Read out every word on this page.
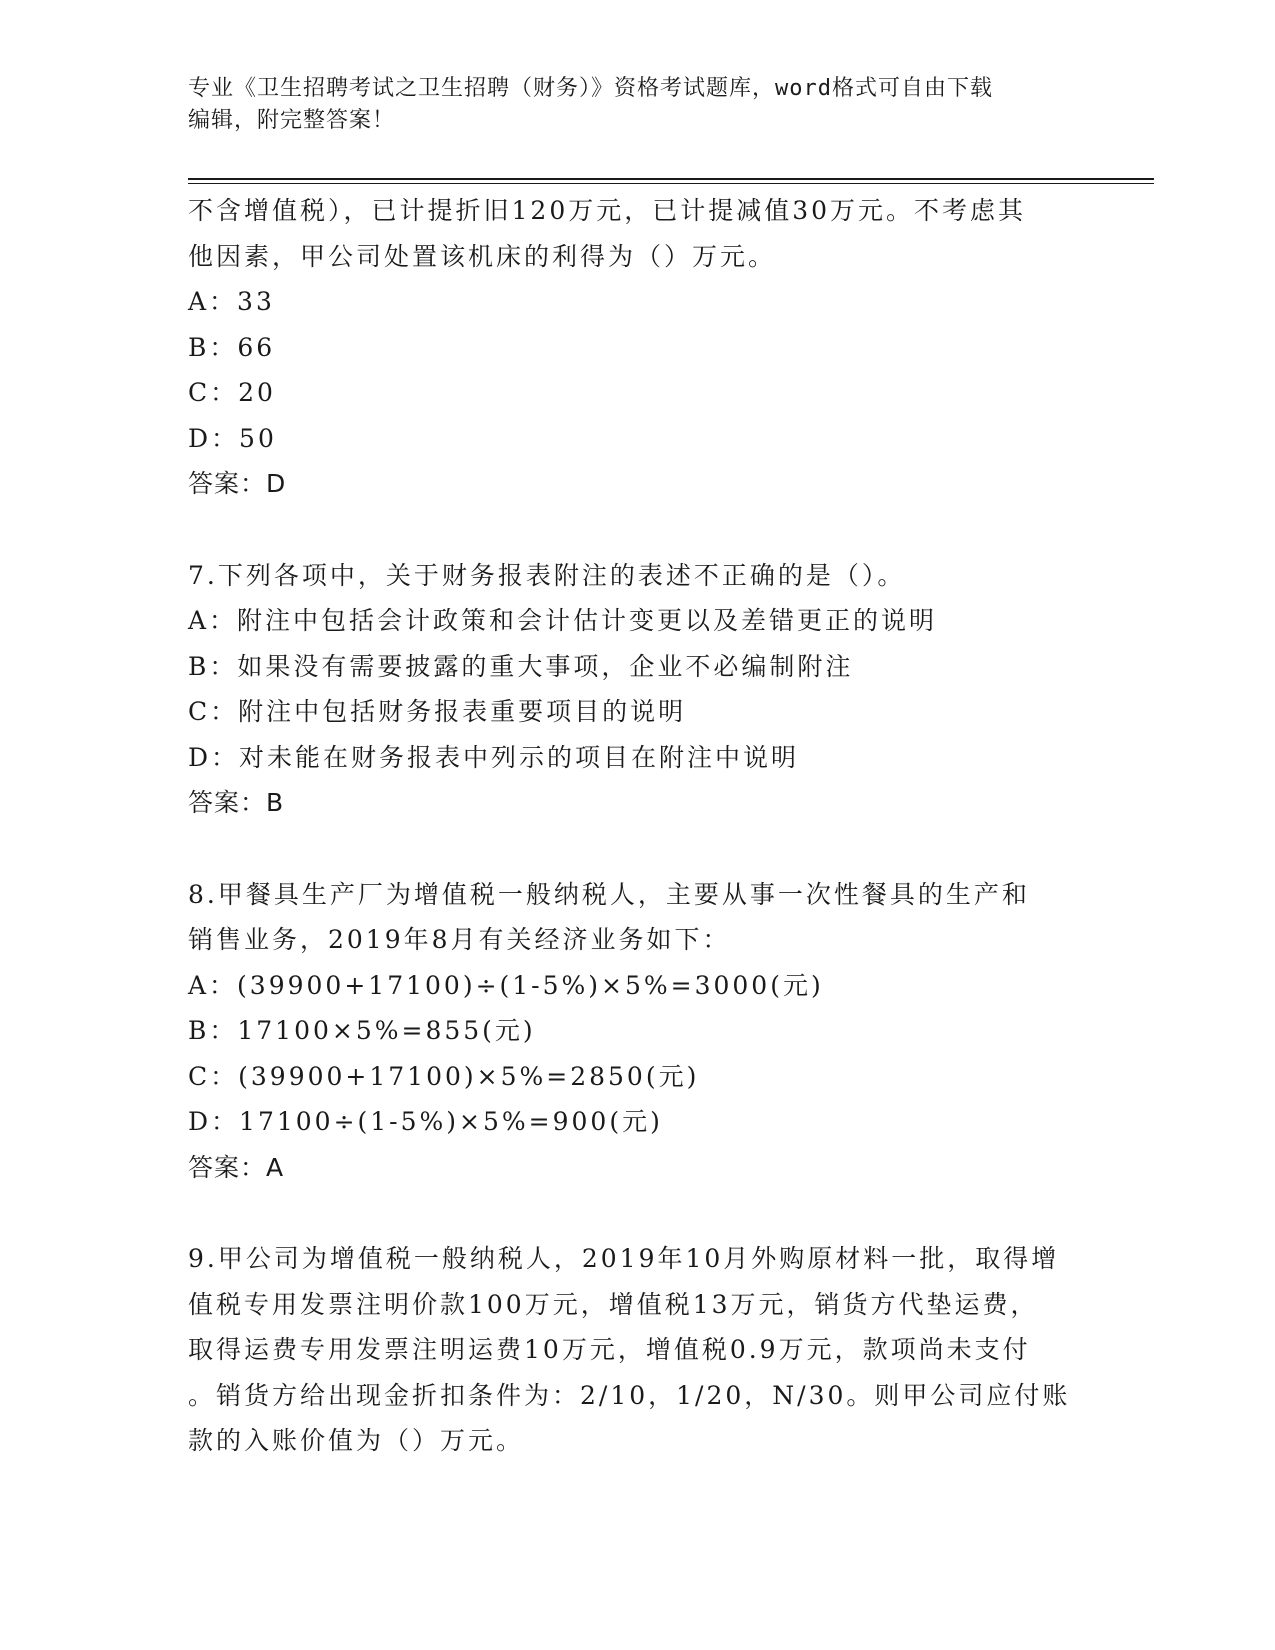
专业《卫生招聘考试之卫生招聘（财务）》资格考试题库，word格式可自由下载
编辑，附完整答案！
不含增值税），已计提折旧120万元，已计提减值30万元。不考虑其
他因素，甲公司处置该机床的利得为（）万元。
A：33
B：66
C：20
D：50
答案：D
7.下列各项中，关于财务报表附注的表述不正确的是（）。
A：附注中包括会计政策和会计估计变更以及差错更正的说明
B：如果没有需要披露的重大事项，企业不必编制附注
C：附注中包括财务报表重要项目的说明
D：对未能在财务报表中列示的项目在附注中说明
答案：B
8.甲餐具生产厂为增值税一般纳税人，主要从事一次性餐具的生产和
销售业务，2019年8月有关经济业务如下：
A：(39900+17100)÷(1-5%)×5%=3000(元)
B：17100×5%=855(元)
C：(39900+17100)×5%=2850(元)
D：17100÷(1-5%)×5%=900(元)
答案：A
9.甲公司为增值税一般纳税人，2019年10月外购原材料一批，取得增
值税专用发票注明价款100万元，增值税13万元，销货方代垫运费，
取得运费专用发票注明运费10万元，增值税0.9万元，款项尚未支付
。销货方给出现金折扣条件为：2/10，1/20，N/30。则甲公司应付账
款的入账价值为（）万元。
